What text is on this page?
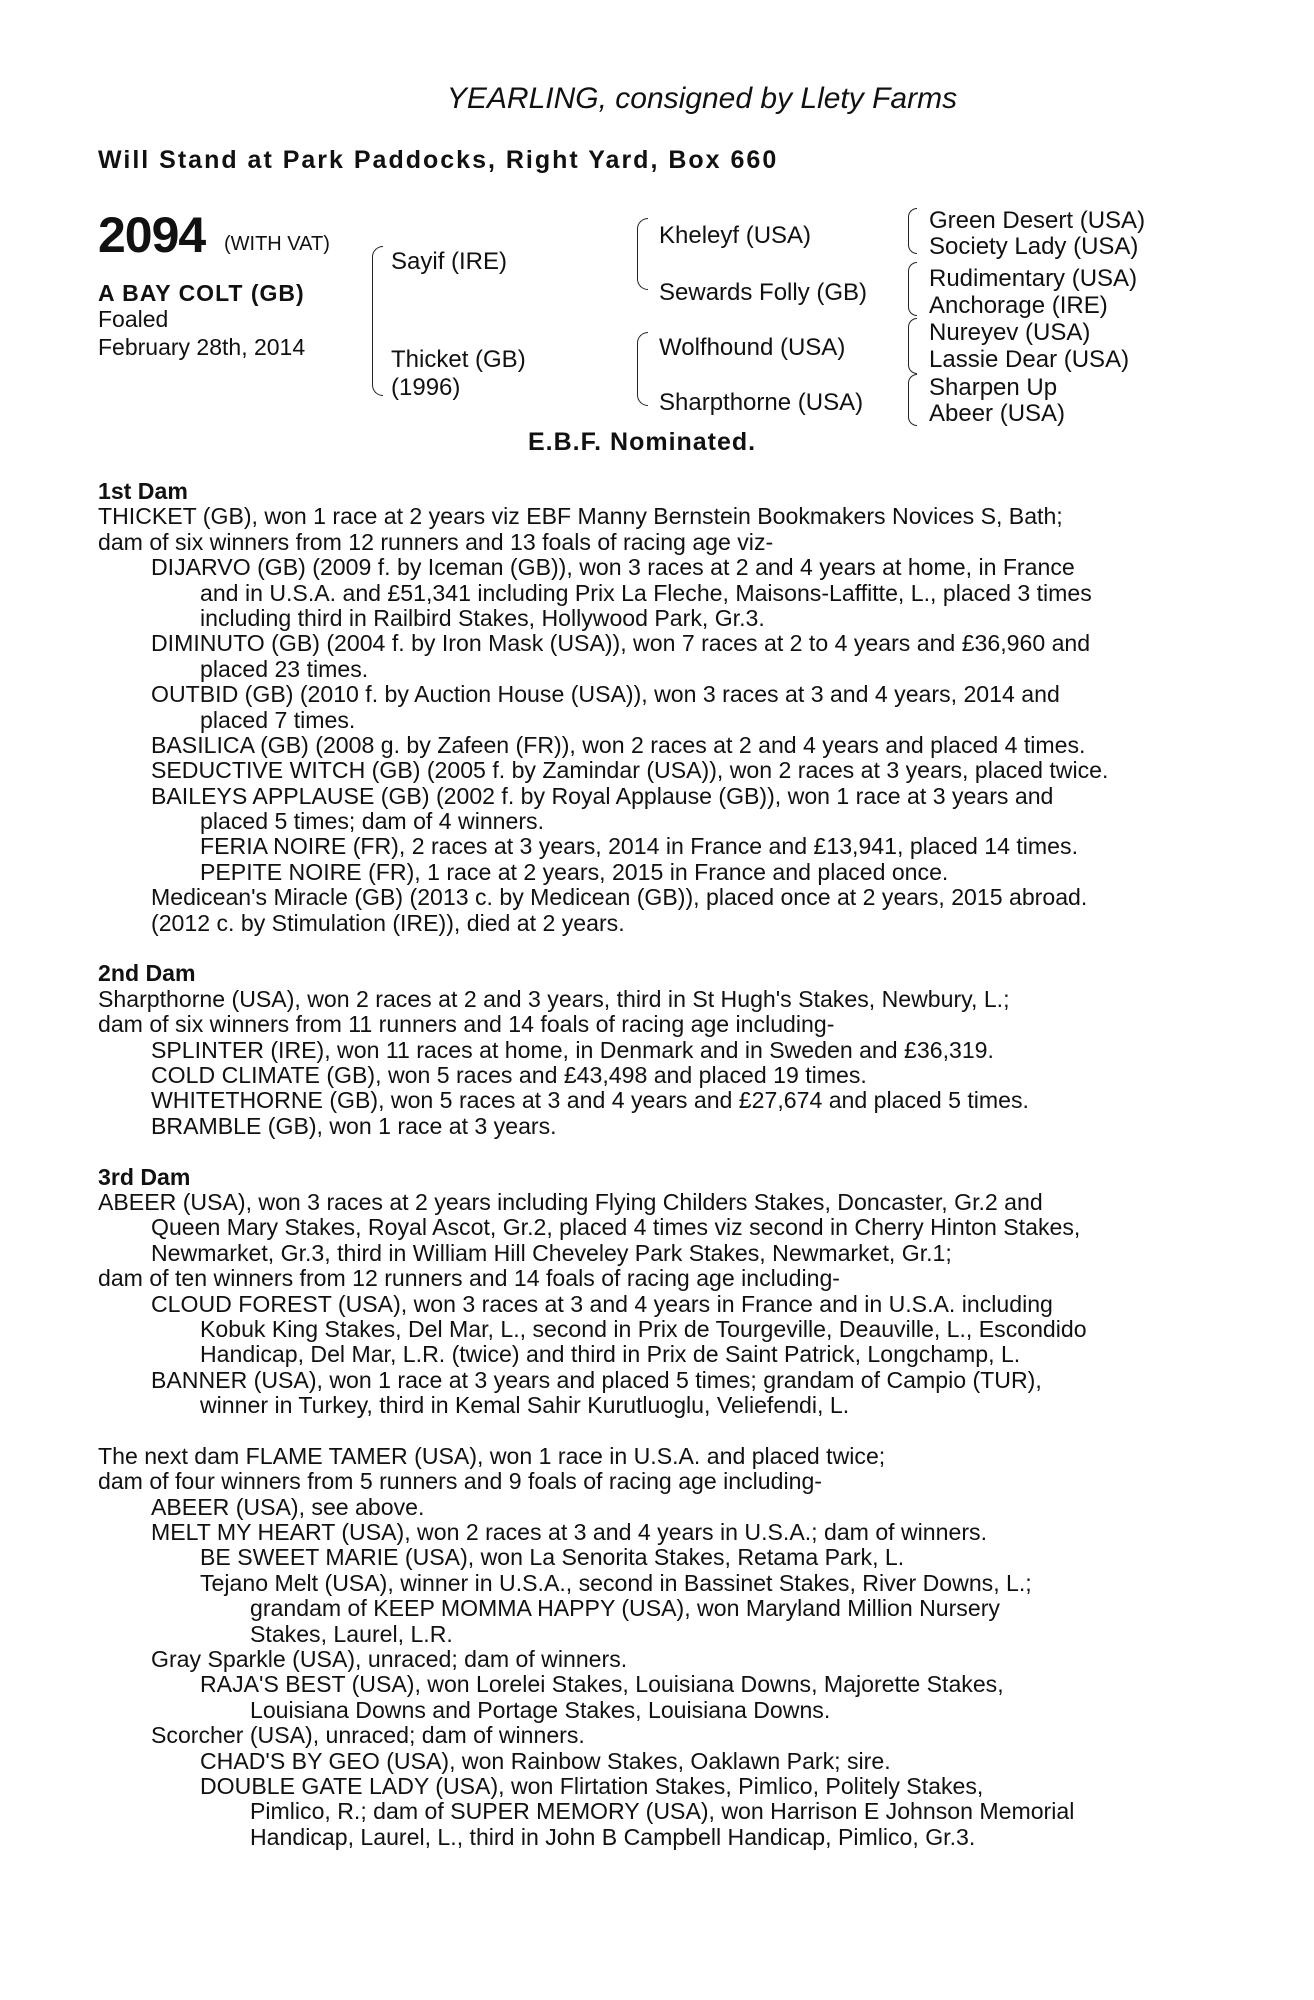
YEARLING, consigned by Llety Farms
Will Stand at Park Paddocks, Right Yard, Box 660
2094 (WITH VAT)
A BAY COLT (GB)
Foaled
February 28th, 2014
Sayif (IRE)
Thicket (GB)
(1996)
Kheleyf (USA)
Sewards Folly (GB)
Wolfhound (USA)
Sharpthorne (USA)
Green Desert (USA)
Society Lady (USA)
Rudimentary (USA)
Anchorage (IRE)
Nureyev (USA)
Lassie Dear (USA)
Sharpen Up
Abeer (USA)
E.B.F. Nominated.
1st Dam
THICKET (GB), won 1 race at 2 years viz EBF Manny Bernstein Bookmakers Novices S, Bath;
dam of six winners from 12 runners and 13 foals of racing age viz-
DIJARVO (GB) (2009 f. by Iceman (GB)), won 3 races at 2 and 4 years at home, in France
and in U.S.A. and £51,341 including Prix La Fleche, Maisons-Laffitte, L., placed 3 times
including third in Railbird Stakes, Hollywood Park, Gr.3.
DIMINUTO (GB) (2004 f. by Iron Mask (USA)), won 7 races at 2 to 4 years and £36,960 and
placed 23 times.
OUTBID (GB) (2010 f. by Auction House (USA)), won 3 races at 3 and 4 years, 2014 and
placed 7 times.
BASILICA (GB) (2008 g. by Zafeen (FR)), won 2 races at 2 and 4 years and placed 4 times.
SEDUCTIVE WITCH (GB) (2005 f. by Zamindar (USA)), won 2 races at 3 years, placed twice.
BAILEYS APPLAUSE (GB) (2002 f. by Royal Applause (GB)), won 1 race at 3 years and
placed 5 times; dam of 4 winners.
FERIA NOIRE (FR), 2 races at 3 years, 2014 in France and £13,941, placed 14 times.
PEPITE NOIRE (FR), 1 race at 2 years, 2015 in France and placed once.
Medicean's Miracle (GB) (2013 c. by Medicean (GB)), placed once at 2 years, 2015 abroad.
(2012 c. by Stimulation (IRE)), died at 2 years.
2nd Dam
Sharpthorne (USA), won 2 races at 2 and 3 years, third in St Hugh's Stakes, Newbury, L.;
dam of six winners from 11 runners and 14 foals of racing age including-
SPLINTER (IRE), won 11 races at home, in Denmark and in Sweden and £36,319.
COLD CLIMATE (GB), won 5 races and £43,498 and placed 19 times.
WHITETHORNE (GB), won 5 races at 3 and 4 years and £27,674 and placed 5 times.
BRAMBLE (GB), won 1 race at 3 years.
3rd Dam
ABEER (USA), won 3 races at 2 years including Flying Childers Stakes, Doncaster, Gr.2 and
Queen Mary Stakes, Royal Ascot, Gr.2, placed 4 times viz second in Cherry Hinton Stakes,
Newmarket, Gr.3, third in William Hill Cheveley Park Stakes, Newmarket, Gr.1;
dam of ten winners from 12 runners and 14 foals of racing age including-
CLOUD FOREST (USA), won 3 races at 3 and 4 years in France and in U.S.A. including
Kobuk King Stakes, Del Mar, L., second in Prix de Tourgeville, Deauville, L., Escondido
Handicap, Del Mar, L.R. (twice) and third in Prix de Saint Patrick, Longchamp, L.
BANNER (USA), won 1 race at 3 years and placed 5 times; grandam of Campio (TUR),
winner in Turkey, third in Kemal Sahir Kurutluoglu, Veliefendi, L.
The next dam FLAME TAMER (USA), won 1 race in U.S.A. and placed twice;
dam of four winners from 5 runners and 9 foals of racing age including-
ABEER (USA), see above.
MELT MY HEART (USA), won 2 races at 3 and 4 years in U.S.A.; dam of winners.
BE SWEET MARIE (USA), won La Senorita Stakes, Retama Park, L.
Tejano Melt (USA), winner in U.S.A., second in Bassinet Stakes, River Downs, L.;
grandam of KEEP MOMMA HAPPY (USA), won Maryland Million Nursery
Stakes, Laurel, L.R.
Gray Sparkle (USA), unraced; dam of winners.
RAJA'S BEST (USA), won Lorelei Stakes, Louisiana Downs, Majorette Stakes,
Louisiana Downs and Portage Stakes, Louisiana Downs.
Scorcher (USA), unraced; dam of winners.
CHAD'S BY GEO (USA), won Rainbow Stakes, Oaklawn Park; sire.
DOUBLE GATE LADY (USA), won Flirtation Stakes, Pimlico, Politely Stakes,
Pimlico, R.; dam of SUPER MEMORY (USA), won Harrison E Johnson Memorial
Handicap, Laurel, L., third in John B Campbell Handicap, Pimlico, Gr.3.
